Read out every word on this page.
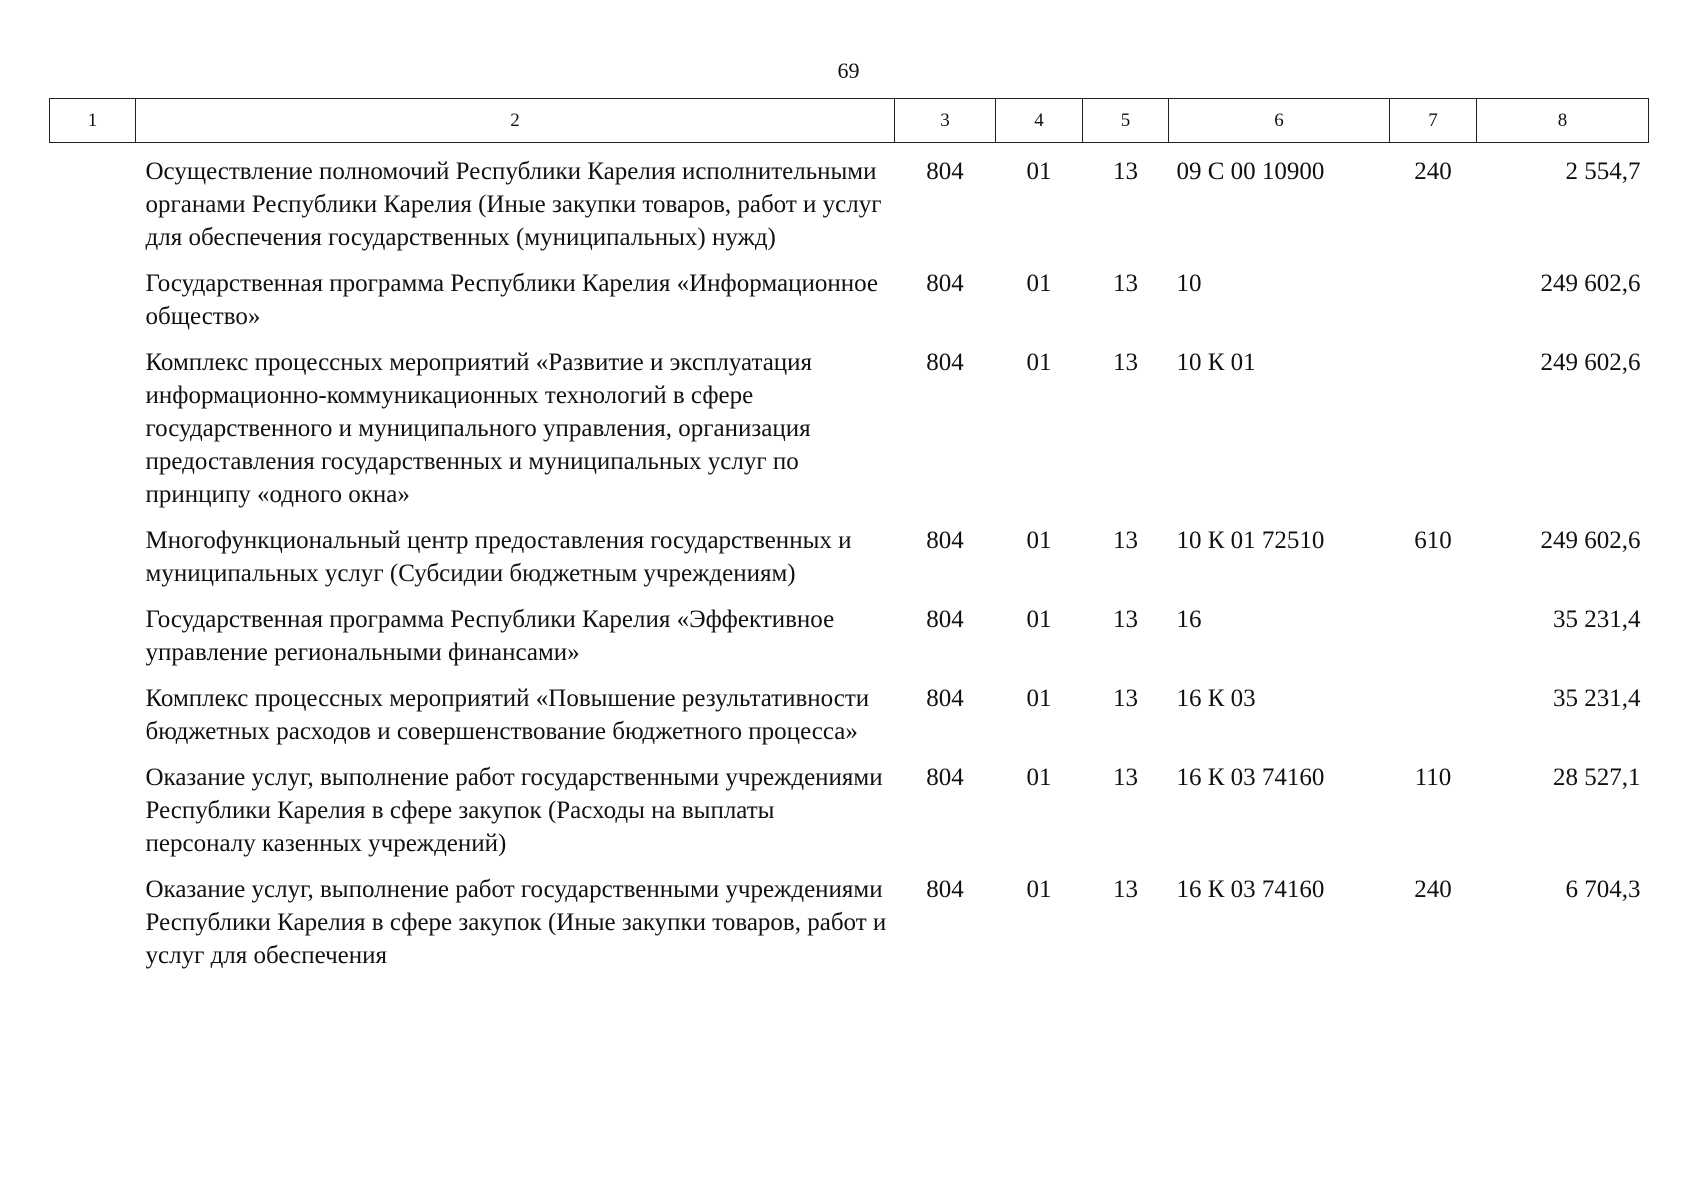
69
1	2	3	4	5	6	7	8
	Осуществление полномочий Республики Карелия исполнительными органами Республики Карелия (Иные закупки товаров, работ и услуг для обеспечения государственных (муниципальных) нужд)	804	01	13	09 С 00 10900	240	2 554,7
	Государственная программа Республики Карелия «Информационное общество»	804	01	13	10		249 602,6
	Комплекс процессных мероприятий «Развитие и эксплуатация информационно-коммуникационных технологий в сфере государственного и муниципального управления, организация предоставления государственных и муниципальных услуг по принципу «одного окна»	804	01	13	10 К 01		249 602,6
	Многофункциональный центр предоставления государственных и муниципальных услуг (Субсидии бюджетным учреждениям)	804	01	13	10 К 01 72510	610	249 602,6
	Государственная программа Республики Карелия «Эффективное управление региональными финансами»	804	01	13	16		35 231,4
	Комплекс процессных мероприятий «Повышение результативности бюджетных расходов и совершенствование бюджетного процесса»	804	01	13	16 К 03		35 231,4
	Оказание услуг, выполнение работ государственными учреждениями Республики Карелия в сфере закупок (Расходы на выплаты персоналу казенных учреждений)	804	01	13	16 К 03 74160	110	28 527,1
	Оказание услуг, выполнение работ государственными учреждениями Республики Карелия в сфере закупок (Иные закупки товаров, работ и услуг для обеспечения	804	01	13	16 К 03 74160	240	6 704,3
